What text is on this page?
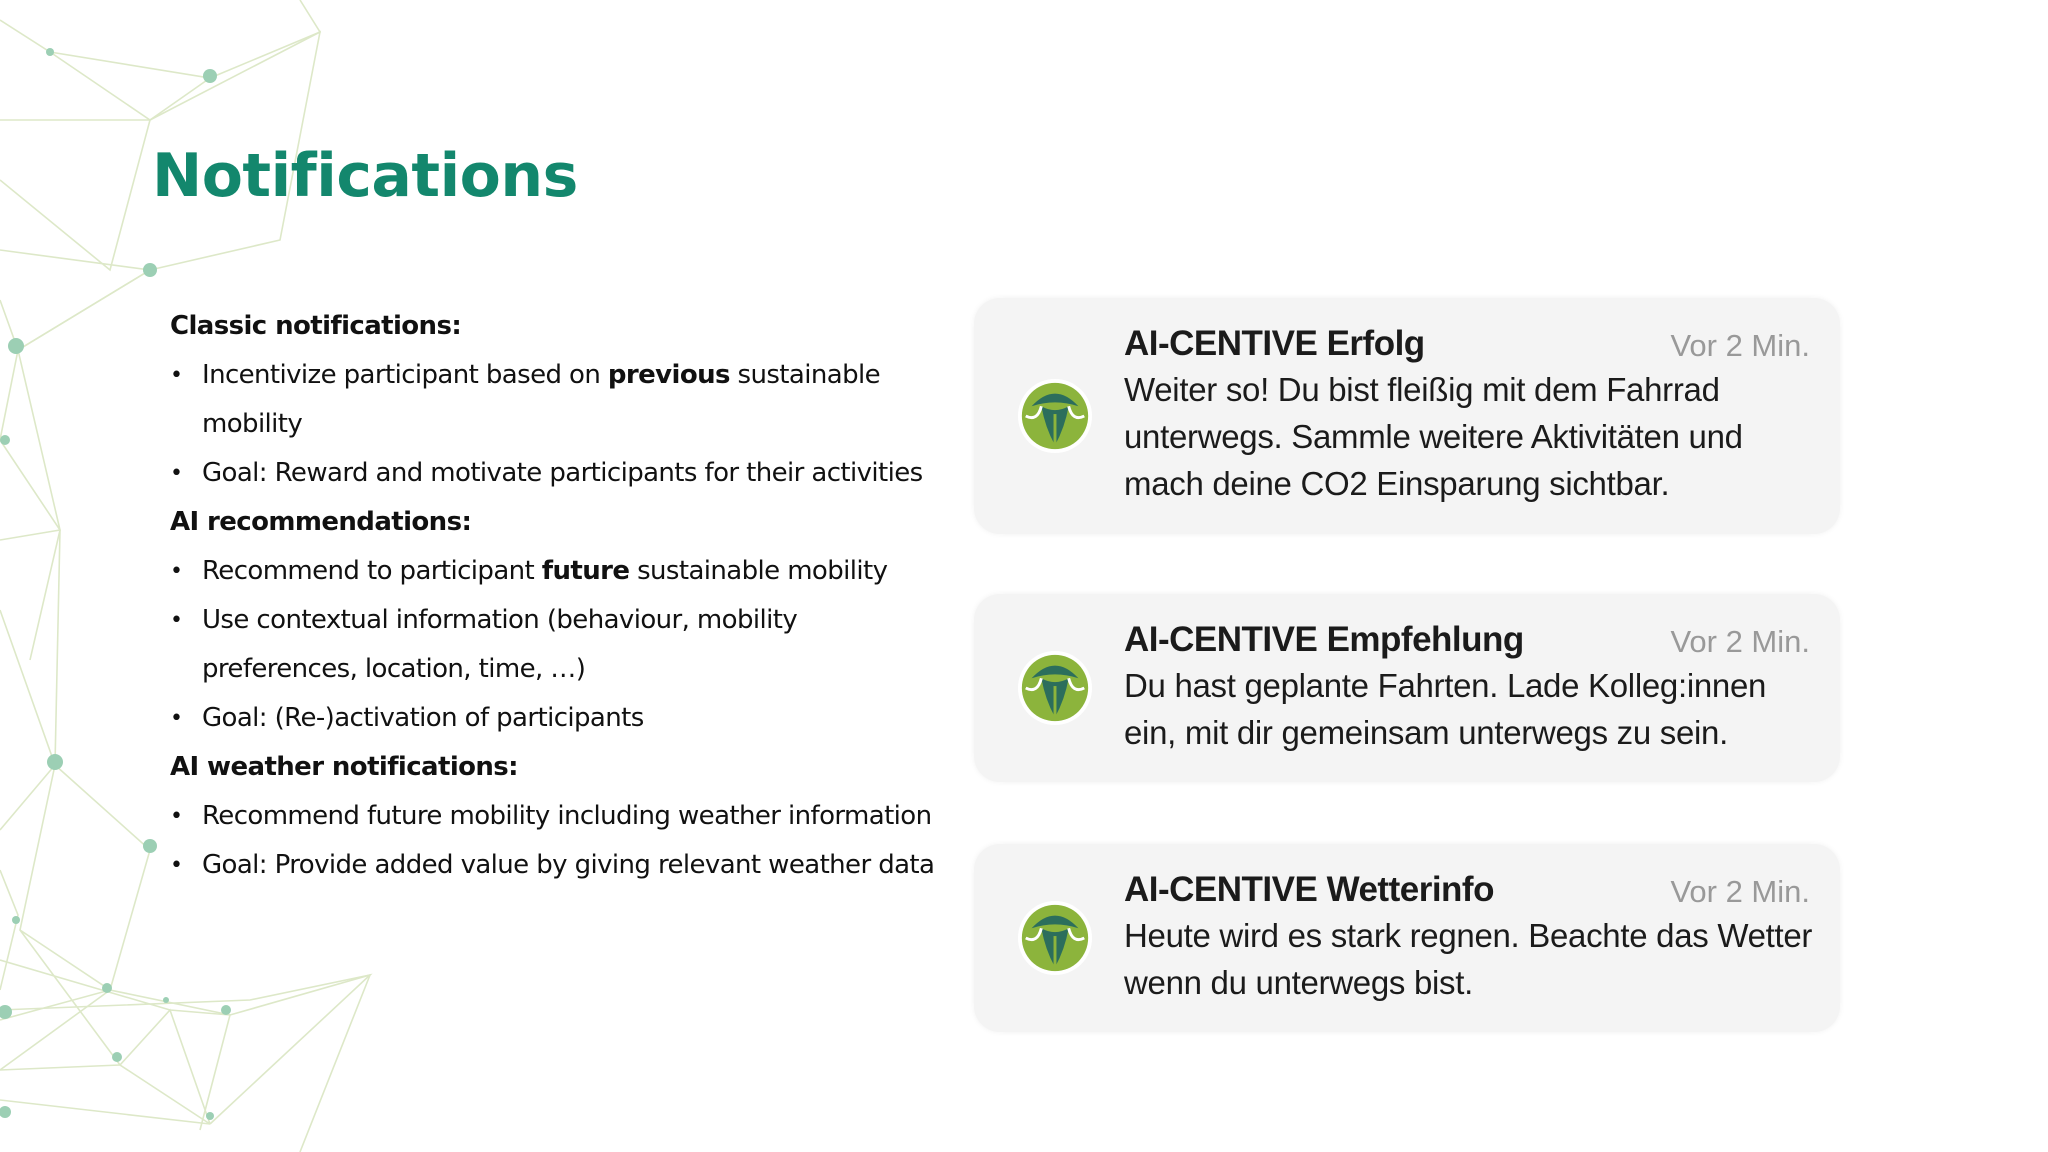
Notifications
Classic notifications:
• Incentivize participant based on previous sustainable mobility
• Goal: Reward and motivate participants for their activities
AI recommendations:
• Recommend to participant future sustainable mobility
• Use contextual information (behaviour, mobility preferences, location, time, …)
• Goal: (Re-)activation of participants
AI weather notifications:
• Recommend future mobility including weather information
• Goal: Provide added value by giving relevant weather data
AI-CENTIVE Erfolg	Vor 2 Min.
Weiter so! Du bist fleißig mit dem Fahrrad unterwegs. Sammle weitere Aktivitäten und mach deine CO2 Einsparung sichtbar.
AI-CENTIVE Empfehlung	Vor 2 Min.
Du hast geplante Fahrten. Lade Kolleg:innen ein, mit dir gemeinsam unterwegs zu sein.
AI-CENTIVE Wetterinfo	Vor 2 Min.
Heute wird es stark regnen. Beachte das Wetter wenn du unterwegs bist.
